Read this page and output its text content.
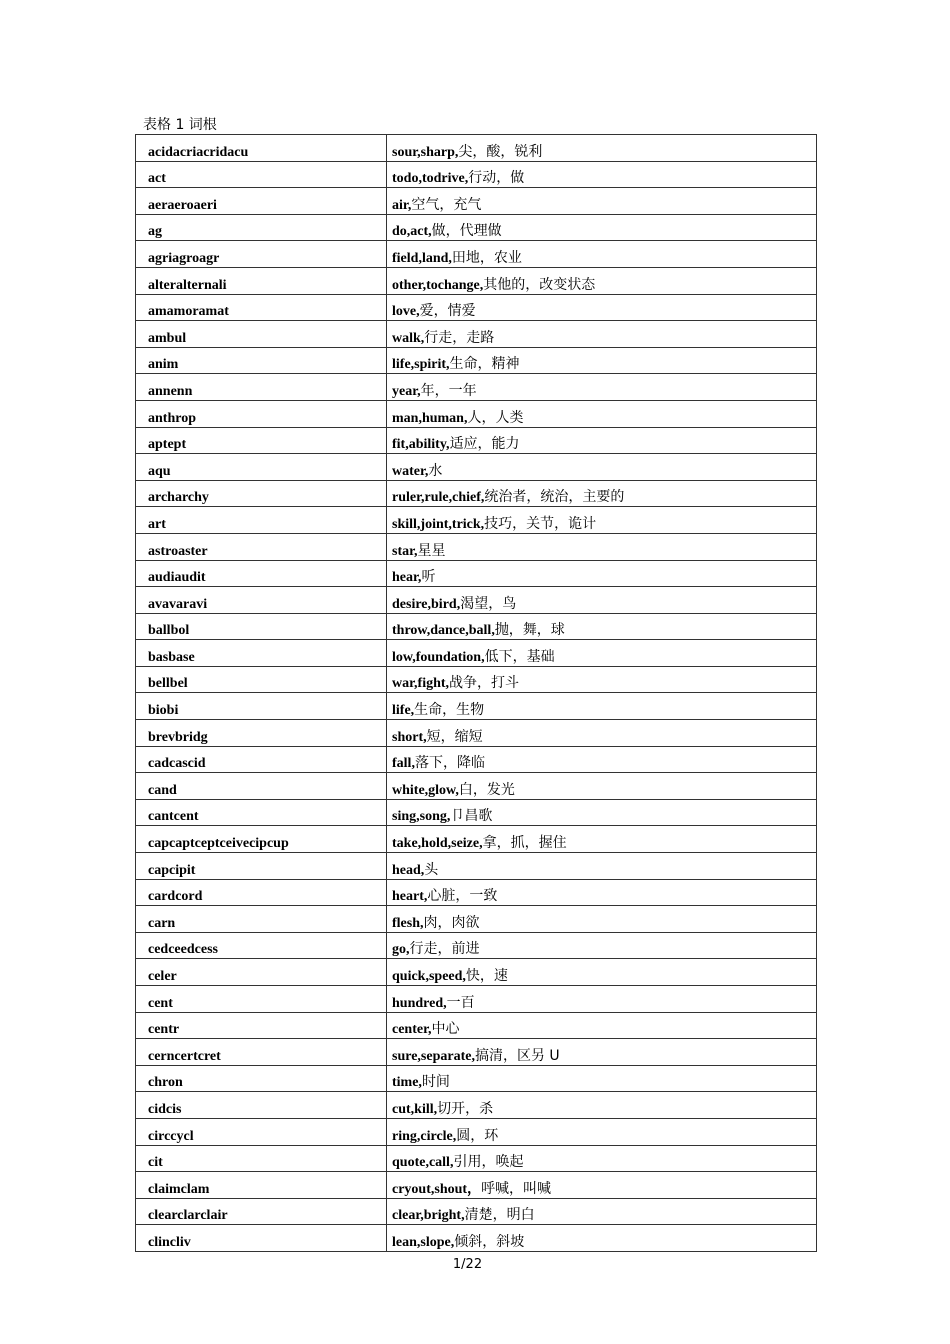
表格 1 词根
acidacriacridacu	sour,sharp,尖，酸，锐利
act	todo,todrive,行动，做
aeraeroaeri	air,空气，充气
ag	do,act,做，代理做
agriagroagr	field,land,田地，农业
alteralternali	other,tochange,其他的，改变状态
amamoramat	love,爱，情爱
ambul	walk,行走，走路
anim	life,spirit,生命，精神
annenn	year,年，一年
anthrop	man,human,人，人类
aptept	fit,ability,适应，能力
aqu	water,水
archarchy	ruler,rule,chief,统治者，统治，主要的
art	skill,joint,trick,技巧，关节，诡计
astroaster	star,星星
audiaudit	hear,听
avavaravi	desire,bird,渴望，鸟
ballbol	throw,dance,ball,抛，舞，球
basbase	low,foundation,低下，基础
bellbel	war,fight,战争，打斗
biobi	life,生命，生物
brevbridg	short,短，缩短
cadcascid	fall,落下，降临
cand	white,glow,白，发光
cantcent	sing,song,卩昌歌
capcaptceptceivecipcup	take,hold,seize,拿，抓，握住
capcipit	head,头
cardcord	heart,心脏，一致
carn	flesh,肉，肉欲
cedceedcess	go,行走，前进
celer	quick,speed,快，速
cent	hundred,一百
centr	center,中心
cerncertcret	sure,separate,搞清，区另 U
chron	time,时间
cidcis	cut,kill,切开，杀
circcycl	ring,circle,圆，环
cit	quote,call,引用，唤起
claimclam	cryout,shout，呼喊，叫喊
clearclarclair	clear,bright,清楚，明白
clincliv	lean,slope,倾斜，斜坡
1/22
